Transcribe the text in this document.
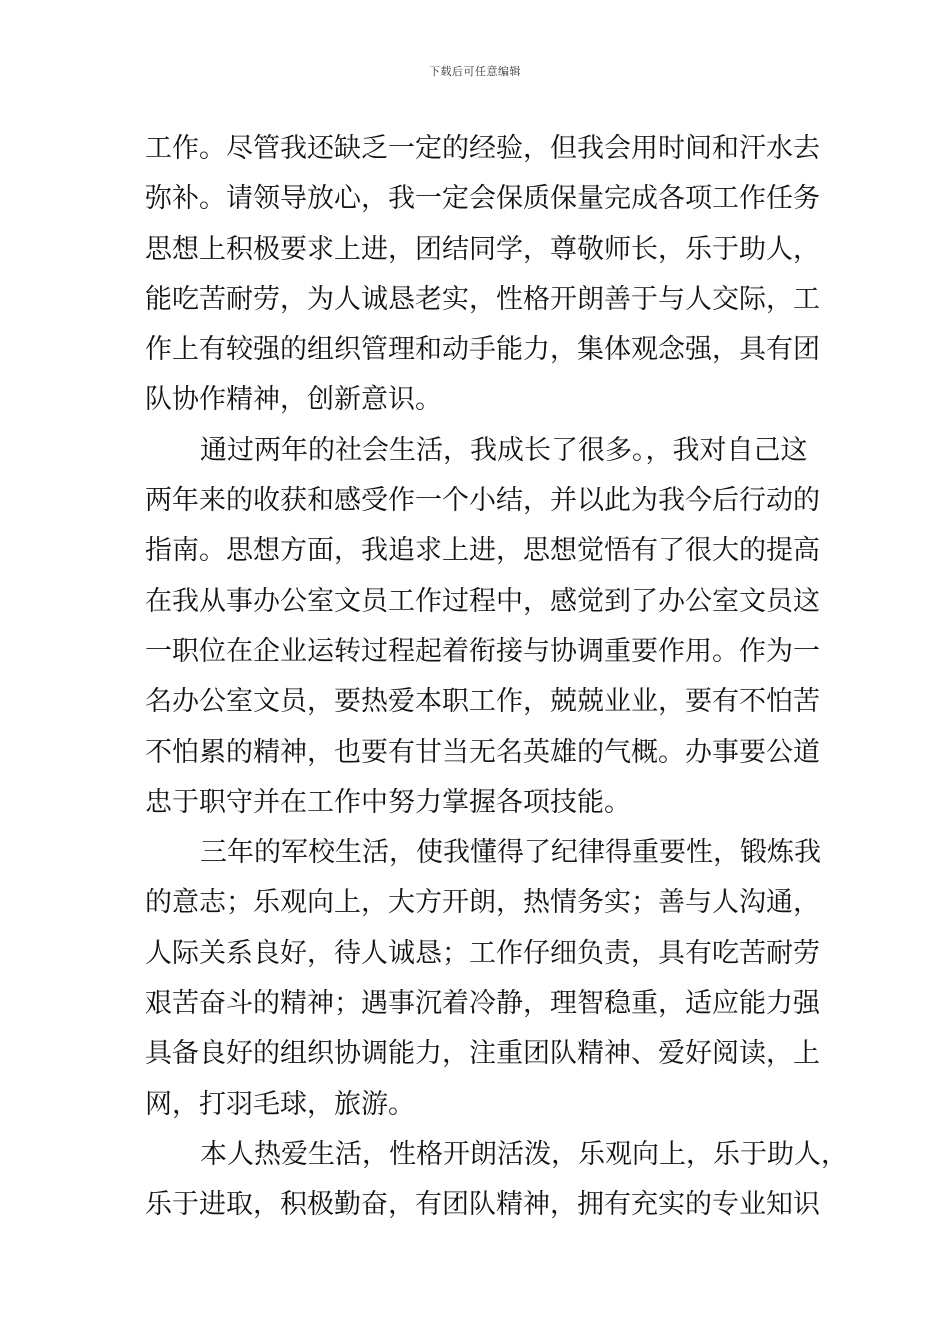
下载后可任意编辑
工作。尽管我还缺乏一定的经验，但我会用时间和汗水去
弥补。请领导放心，我一定会保质保量完成各项工作任务
思想上积极要求上进，团结同学，尊敬师长，乐于助人，
能吃苦耐劳，为人诚恳老实，性格开朗善于与人交际，工
作上有较强的组织管理和动手能力，集体观念强，具有团
队协作精神，创新意识。
通过两年的社会生活，我成长了很多。，我对自己这
两年来的收获和感受作一个小结，并以此为我今后行动的
指南。思想方面，我追求上进，思想觉悟有了很大的提高
在我从事办公室文员工作过程中，感觉到了办公室文员这
一职位在企业运转过程起着衔接与协调重要作用。作为一
名办公室文员，要热爱本职工作，兢兢业业，要有不怕苦
不怕累的精神，也要有甘当无名英雄的气概。办事要公道
忠于职守并在工作中努力掌握各项技能。
三年的军校生活，使我懂得了纪律得重要性，锻炼我
的意志；乐观向上，大方开朗，热情务实；善与人沟通，
人际关系良好，待人诚恳；工作仔细负责，具有吃苦耐劳
艰苦奋斗的精神；遇事沉着冷静，理智稳重，适应能力强
具备良好的组织协调能力，注重团队精神、爱好阅读，上
网，打羽毛球，旅游。
本人热爱生活，性格开朗活泼，乐观向上，乐于助人，
乐于进取，积极勤奋，有团队精神，拥有充实的专业知识
